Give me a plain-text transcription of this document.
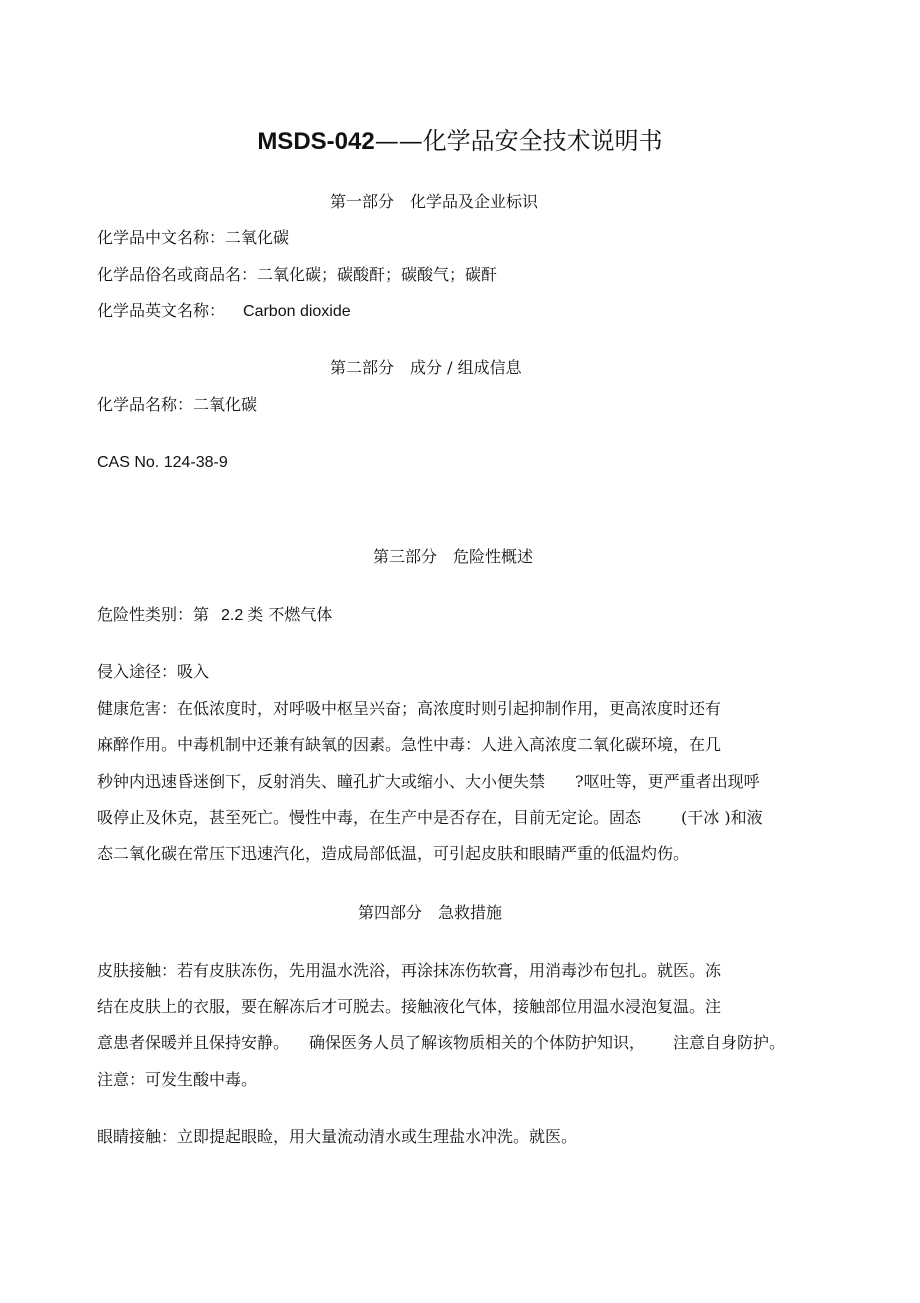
MSDS-042——化学品安全技术说明书
第一部分　化学品及企业标识
化学品中文名称：二氧化碳
化学品俗名或商品名：二氧化碳；碳酸酐；碳酸气；碳酐
化学品英文名称： Carbon dioxide
第二部分　成分 / 组成信息
化学品名称：二氧化碳
CAS No. 124-38-9
第三部分　危险性概述
危险性类别：第 2.2 类 不燃气体
侵入途径：吸入
健康危害：在低浓度时，对呼吸中枢呈兴奋；高浓度时则引起抑制作用，更高浓度时还有
麻醉作用。中毒机制中还兼有缺氧的因素。急性中毒：人进入高浓度二氧化碳环境，在几
秒钟内迅速昏迷倒下，反射消失、瞳孔扩大或缩小、大小便失禁 ?呕吐等，更严重者出现呼
吸停止及休克，甚至死亡。慢性中毒，在生产中是否存在，目前无定论。固态	(干冰 )和液
态二氧化碳在常压下迅速汽化，造成局部低温，可引起皮肤和眼睛严重的低温灼伤。
第四部分　急救措施
皮肤接触：若有皮肤冻伤，先用温水洗浴，再涂抹冻伤软膏，用消毒沙布包扎。就医。冻
结在皮肤上的衣服，要在解冻后才可脱去。接触液化气体，接触部位用温水浸泡复温。注
意患者保暖并且保持安静。 确保医务人员了解该物质相关的个体防护知识， 注意自身防护。
注意：可发生酸中毒。
眼睛接触：立即提起眼睑，用大量流动清水或生理盐水冲洗。就医。
